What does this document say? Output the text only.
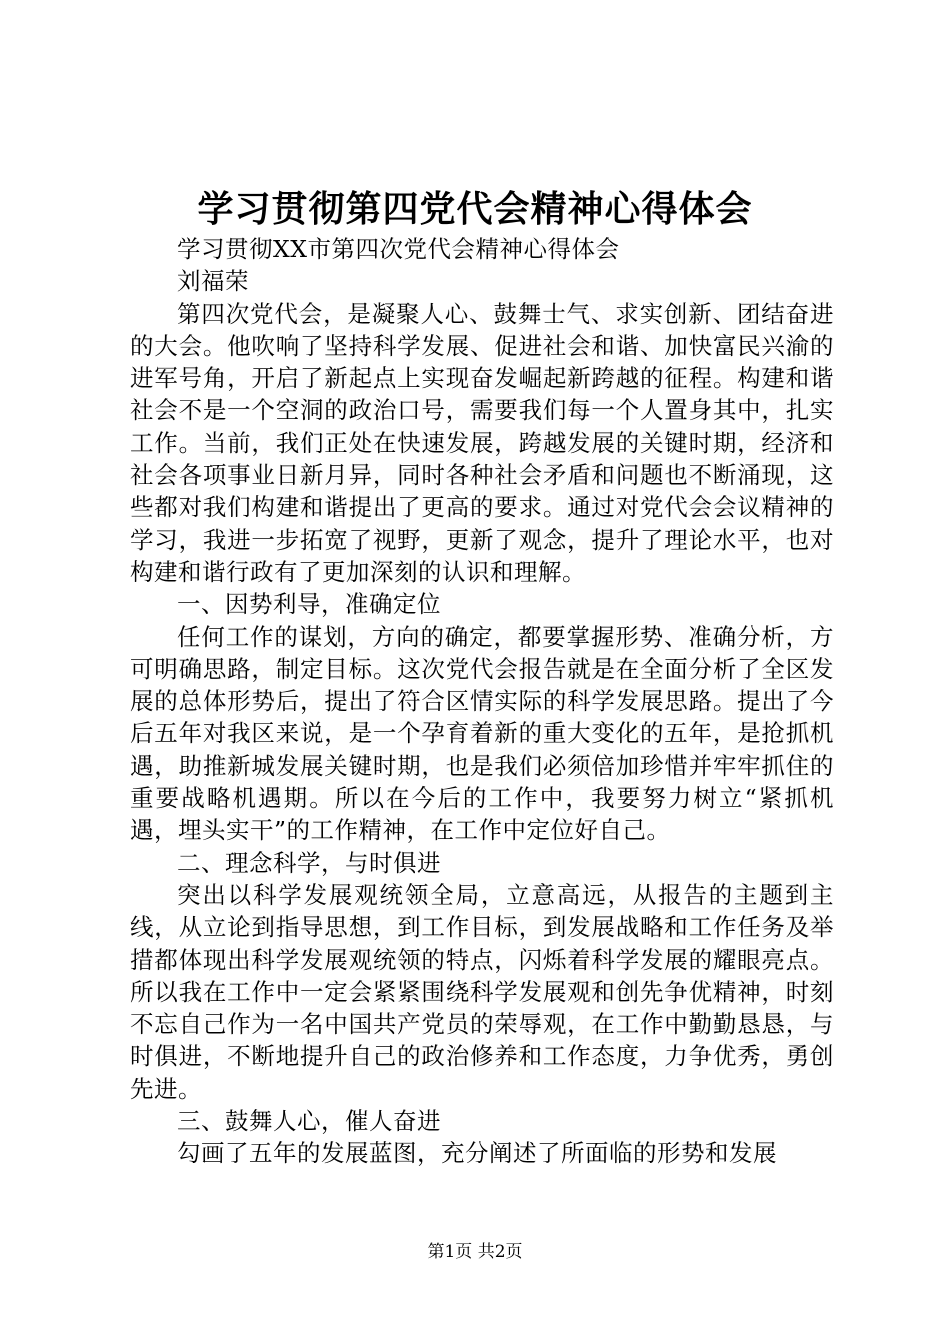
学习贯彻第四党代会精神心得体会

学习贯彻XX市第四次党代会精神心得体会

刘福荣

第四次党代会，是凝聚人心、鼓舞士气、求实创新、团结奋进的大会。他吹响了坚持科学发展、促进社会和谐、加快富民兴渝的进军号角，开启了新起点上实现奋发崛起新跨越的征程。构建和谐社会不是一个空洞的政治口号，需要我们每一个人置身其中，扎实工作。当前，我们正处在快速发展，跨越发展的关键时期，经济和社会各项事业日新月异，同时各种社会矛盾和问题也不断涌现，这些都对我们构建和谐提出了更高的要求。通过对党代会会议精神的学习，我进一步拓宽了视野，更新了观念，提升了理论水平，也对构建和谐行政有了更加深刻的认识和理解。

一、因势利导，准确定位

任何工作的谋划，方向的确定，都要掌握形势、准确分析，方可明确思路，制定目标。这次党代会报告就是在全面分析了全区发展的总体形势后，提出了符合区情实际的科学发展思路。提出了今后五年对我区来说，是一个孕育着新的重大变化的五年，是抢抓机遇，助推新城发展关键时期，也是我们必须倍加珍惜并牢牢抓住的重要战略机遇期。所以在今后的工作中，我要努力树立“紧抓机遇，埋头实干”的工作精神，在工作中定位好自己。

二、理念科学，与时俱进

突出以科学发展观统领全局，立意高远，从报告的主题到主线，从立论到指导思想，到工作目标，到发展战略和工作任务及举措都体现出科学发展观统领的特点，闪烁着科学发展的耀眼亮点。所以我在工作中一定会紧紧围绕科学发展观和创先争优精神，时刻不忘自己作为一名中国共产党员的荣辱观，在工作中勤勤恳恳，与时俱进，不断地提升自己的政治修养和工作态度，力争优秀，勇创先进。

三、鼓舞人心，催人奋进

勾画了五年的发展蓝图，充分阐述了所面临的形势和发展

第1页 共2页
